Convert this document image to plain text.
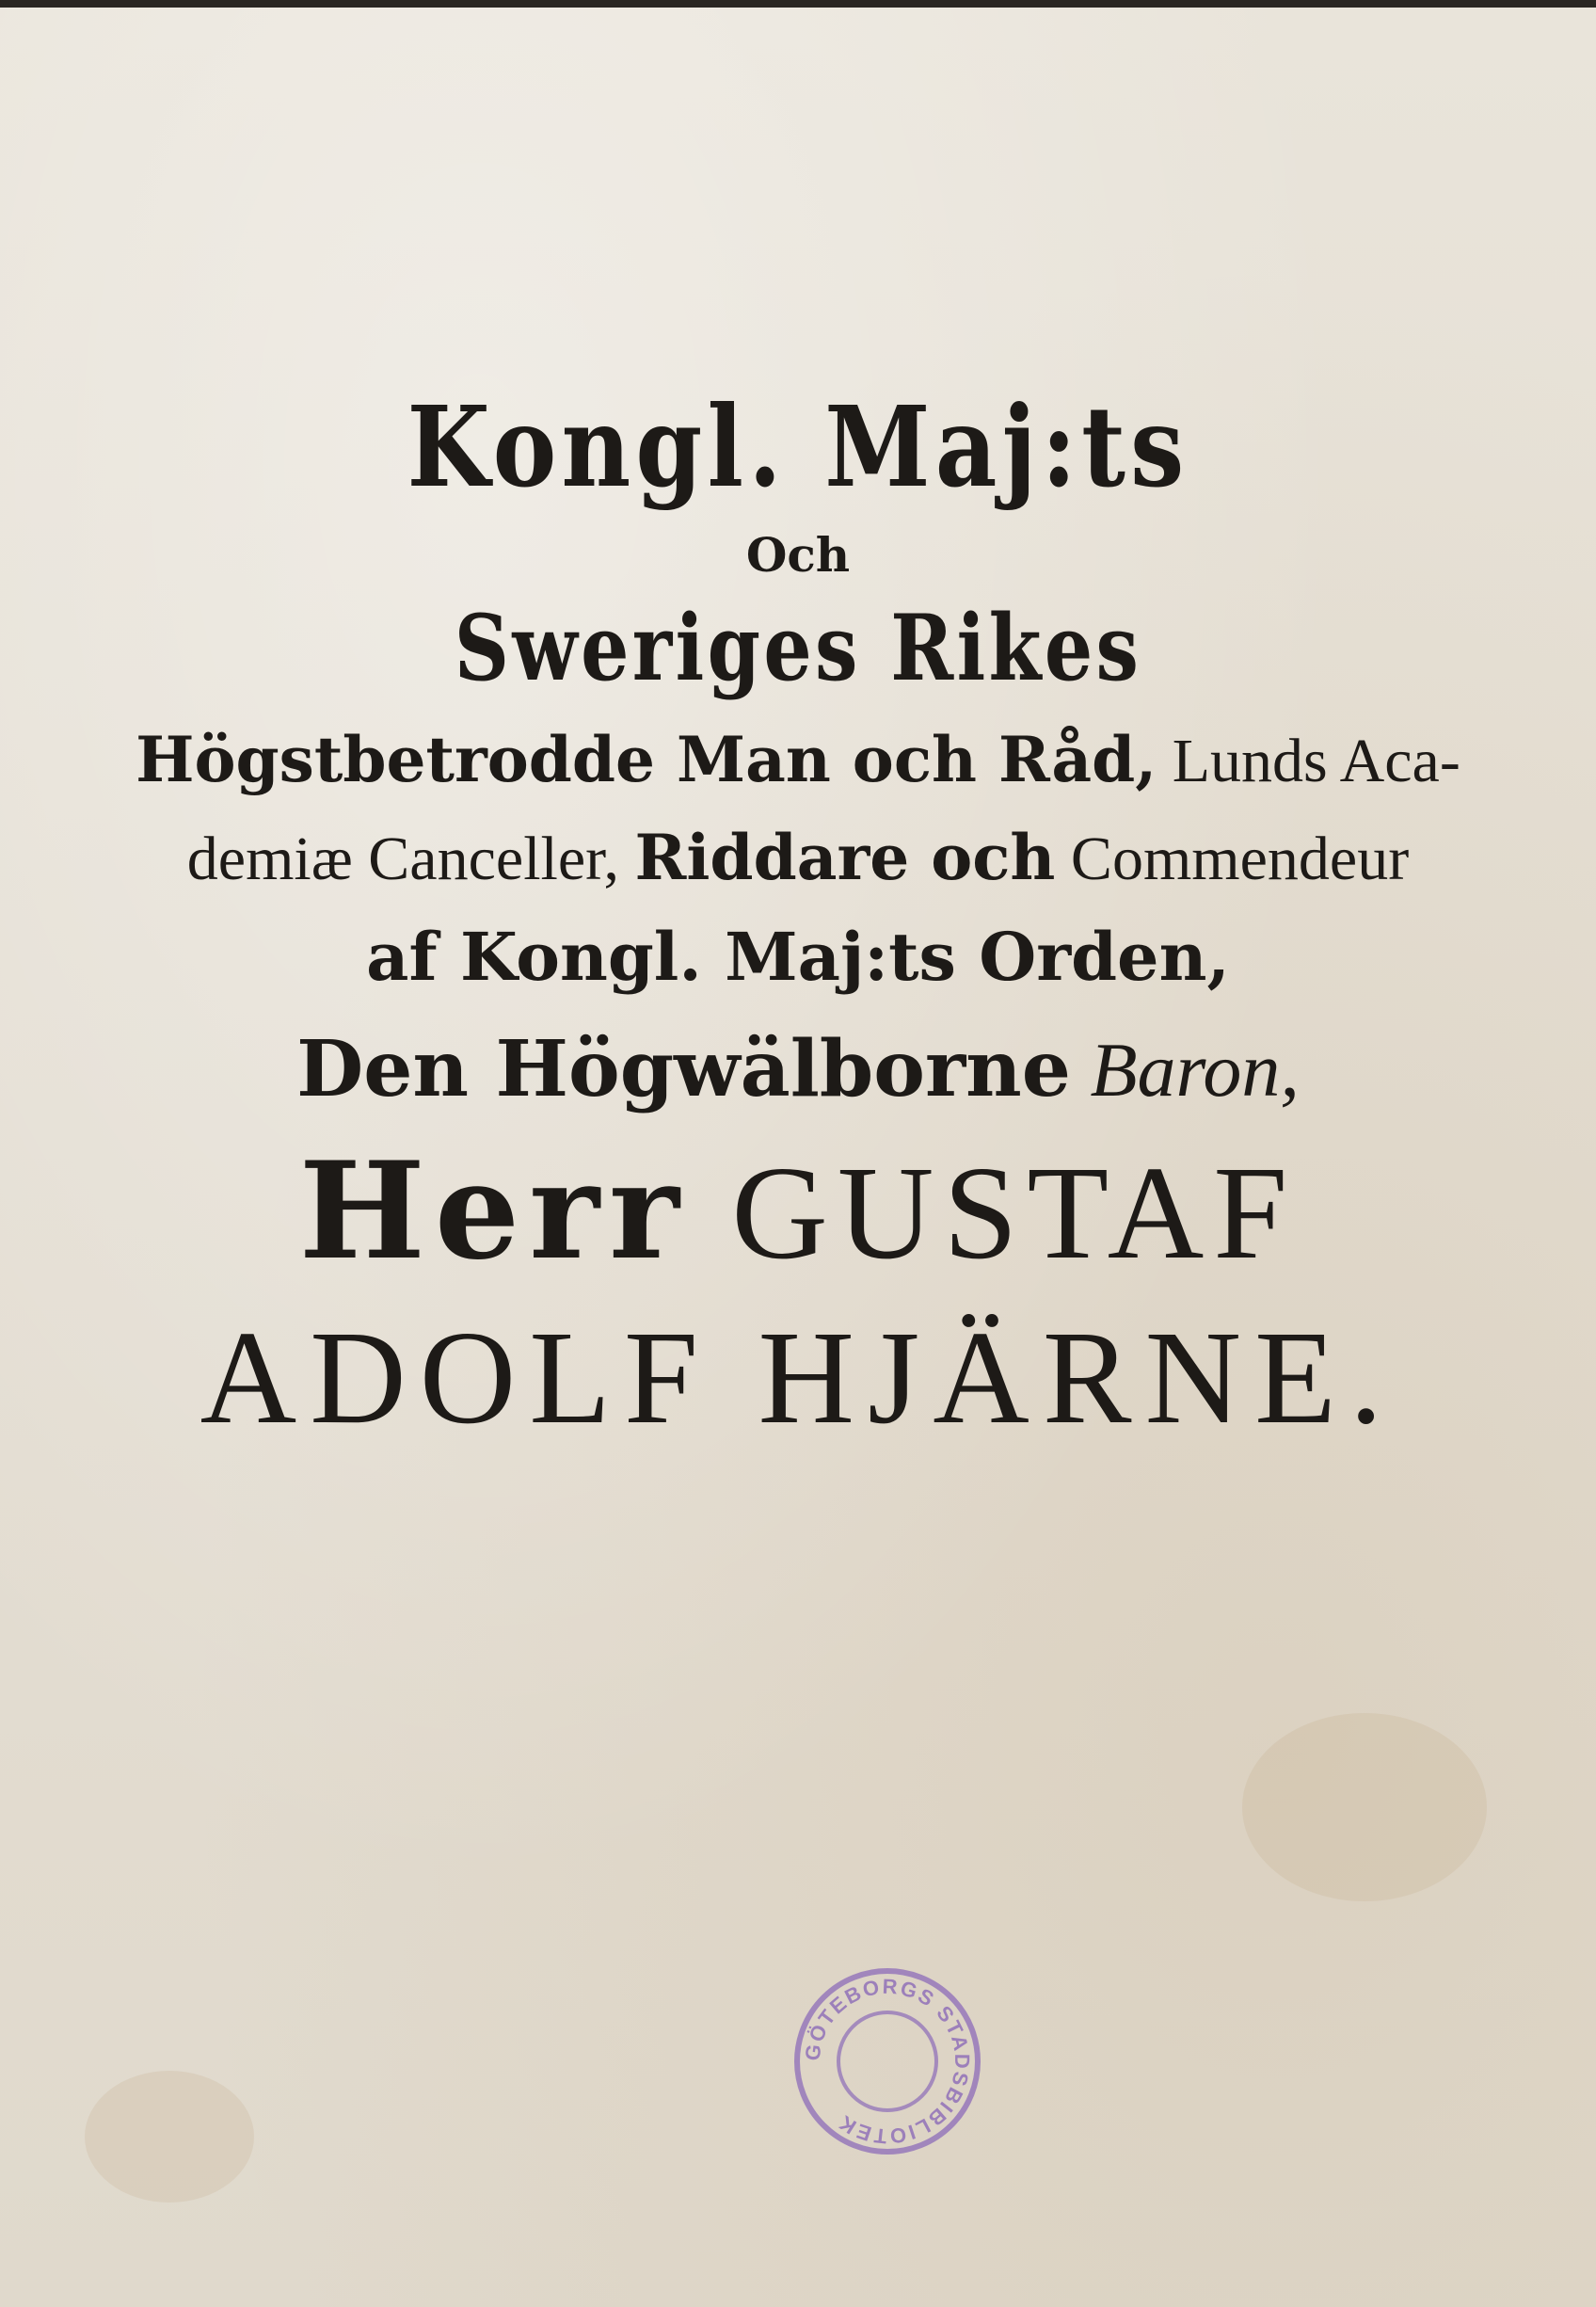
Kongl. Maj:ts
Och
Sweriges Rikes
Högstbetrodde Man och Råd, Lunds Aca-
demiæ Canceller, Riddare och Commendeur
af Kongl. Maj:ts Orden,
Den Högwälborne Baron,
Herr GUSTAF
ADOLF HJÄRNE.
GÖTEBORGS STADSBIBLIOTEK
